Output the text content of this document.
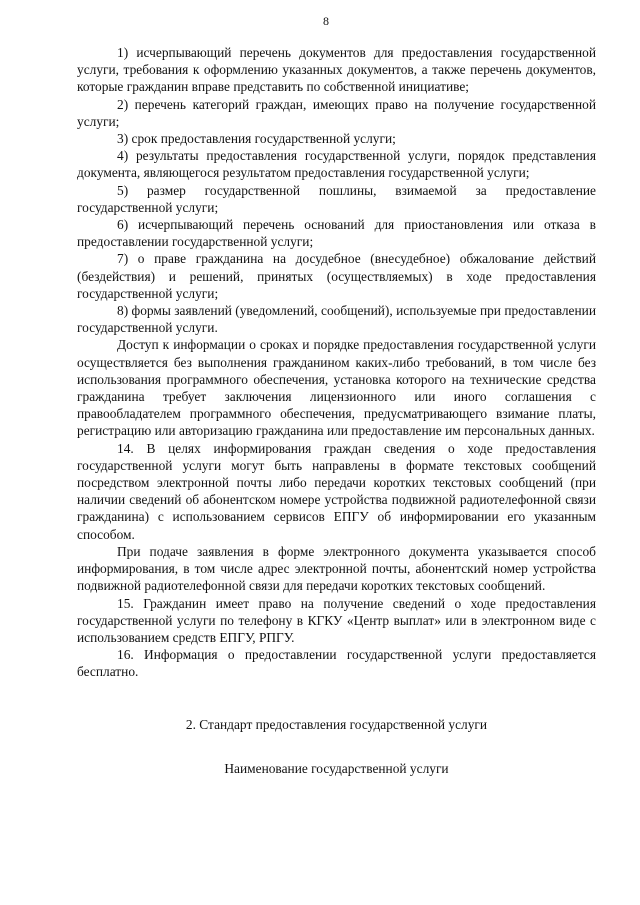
8

1) исчерпывающий перечень документов для предоставления государственной услуги, требования к оформлению указанных документов, а также перечень документов, которые гражданин вправе представить по собственной инициативе;

2) перечень категорий граждан, имеющих право на получение государственной услуги;

3) срок предоставления государственной услуги;

4) результаты предоставления государственной услуги, порядок представления документа, являющегося результатом предоставления государственной услуги;

5) размер государственной пошлины, взимаемой за предоставление государственной услуги;

6) исчерпывающий перечень оснований для приостановления или отказа в предоставлении государственной услуги;

7) о праве гражданина на досудебное (внесудебное) обжалование действий (бездействия) и решений, принятых (осуществляемых) в ходе предоставления государственной услуги;

8) формы заявлений (уведомлений, сообщений), используемые при предоставлении государственной услуги.

Доступ к информации о сроках и порядке предоставления государственной услуги осуществляется без выполнения гражданином каких-либо требований, в том числе без использования программного обеспечения, установка которого на технические средства гражданина требует заключения лицензионного или иного соглашения с правообладателем программного обеспечения, предусматривающего взимание платы, регистрацию или авторизацию гражданина или предоставление им персональных данных.

14. В целях информирования граждан сведения о ходе предоставления государственной услуги могут быть направлены в формате текстовых сообщений посредством электронной почты либо передачи коротких текстовых сообщений (при наличии сведений об абонентском номере устройства подвижной радиотелефонной связи гражданина) с использованием сервисов ЕПГУ об информировании его указанным способом.

При подаче заявления в форме электронного документа указывается способ информирования, в том числе адрес электронной почты, абонентский номер устройства подвижной радиотелефонной связи для передачи коротких текстовых сообщений.

15. Гражданин имеет право на получение сведений о ходе предоставления государственной услуги по телефону в КГКУ «Центр выплат» или в электронном виде с использованием средств ЕПГУ, РПГУ.

16. Информация о предоставлении государственной услуги предоставляется бесплатно.

2. Стандарт предоставления государственной услуги
Наименование государственной услуги
